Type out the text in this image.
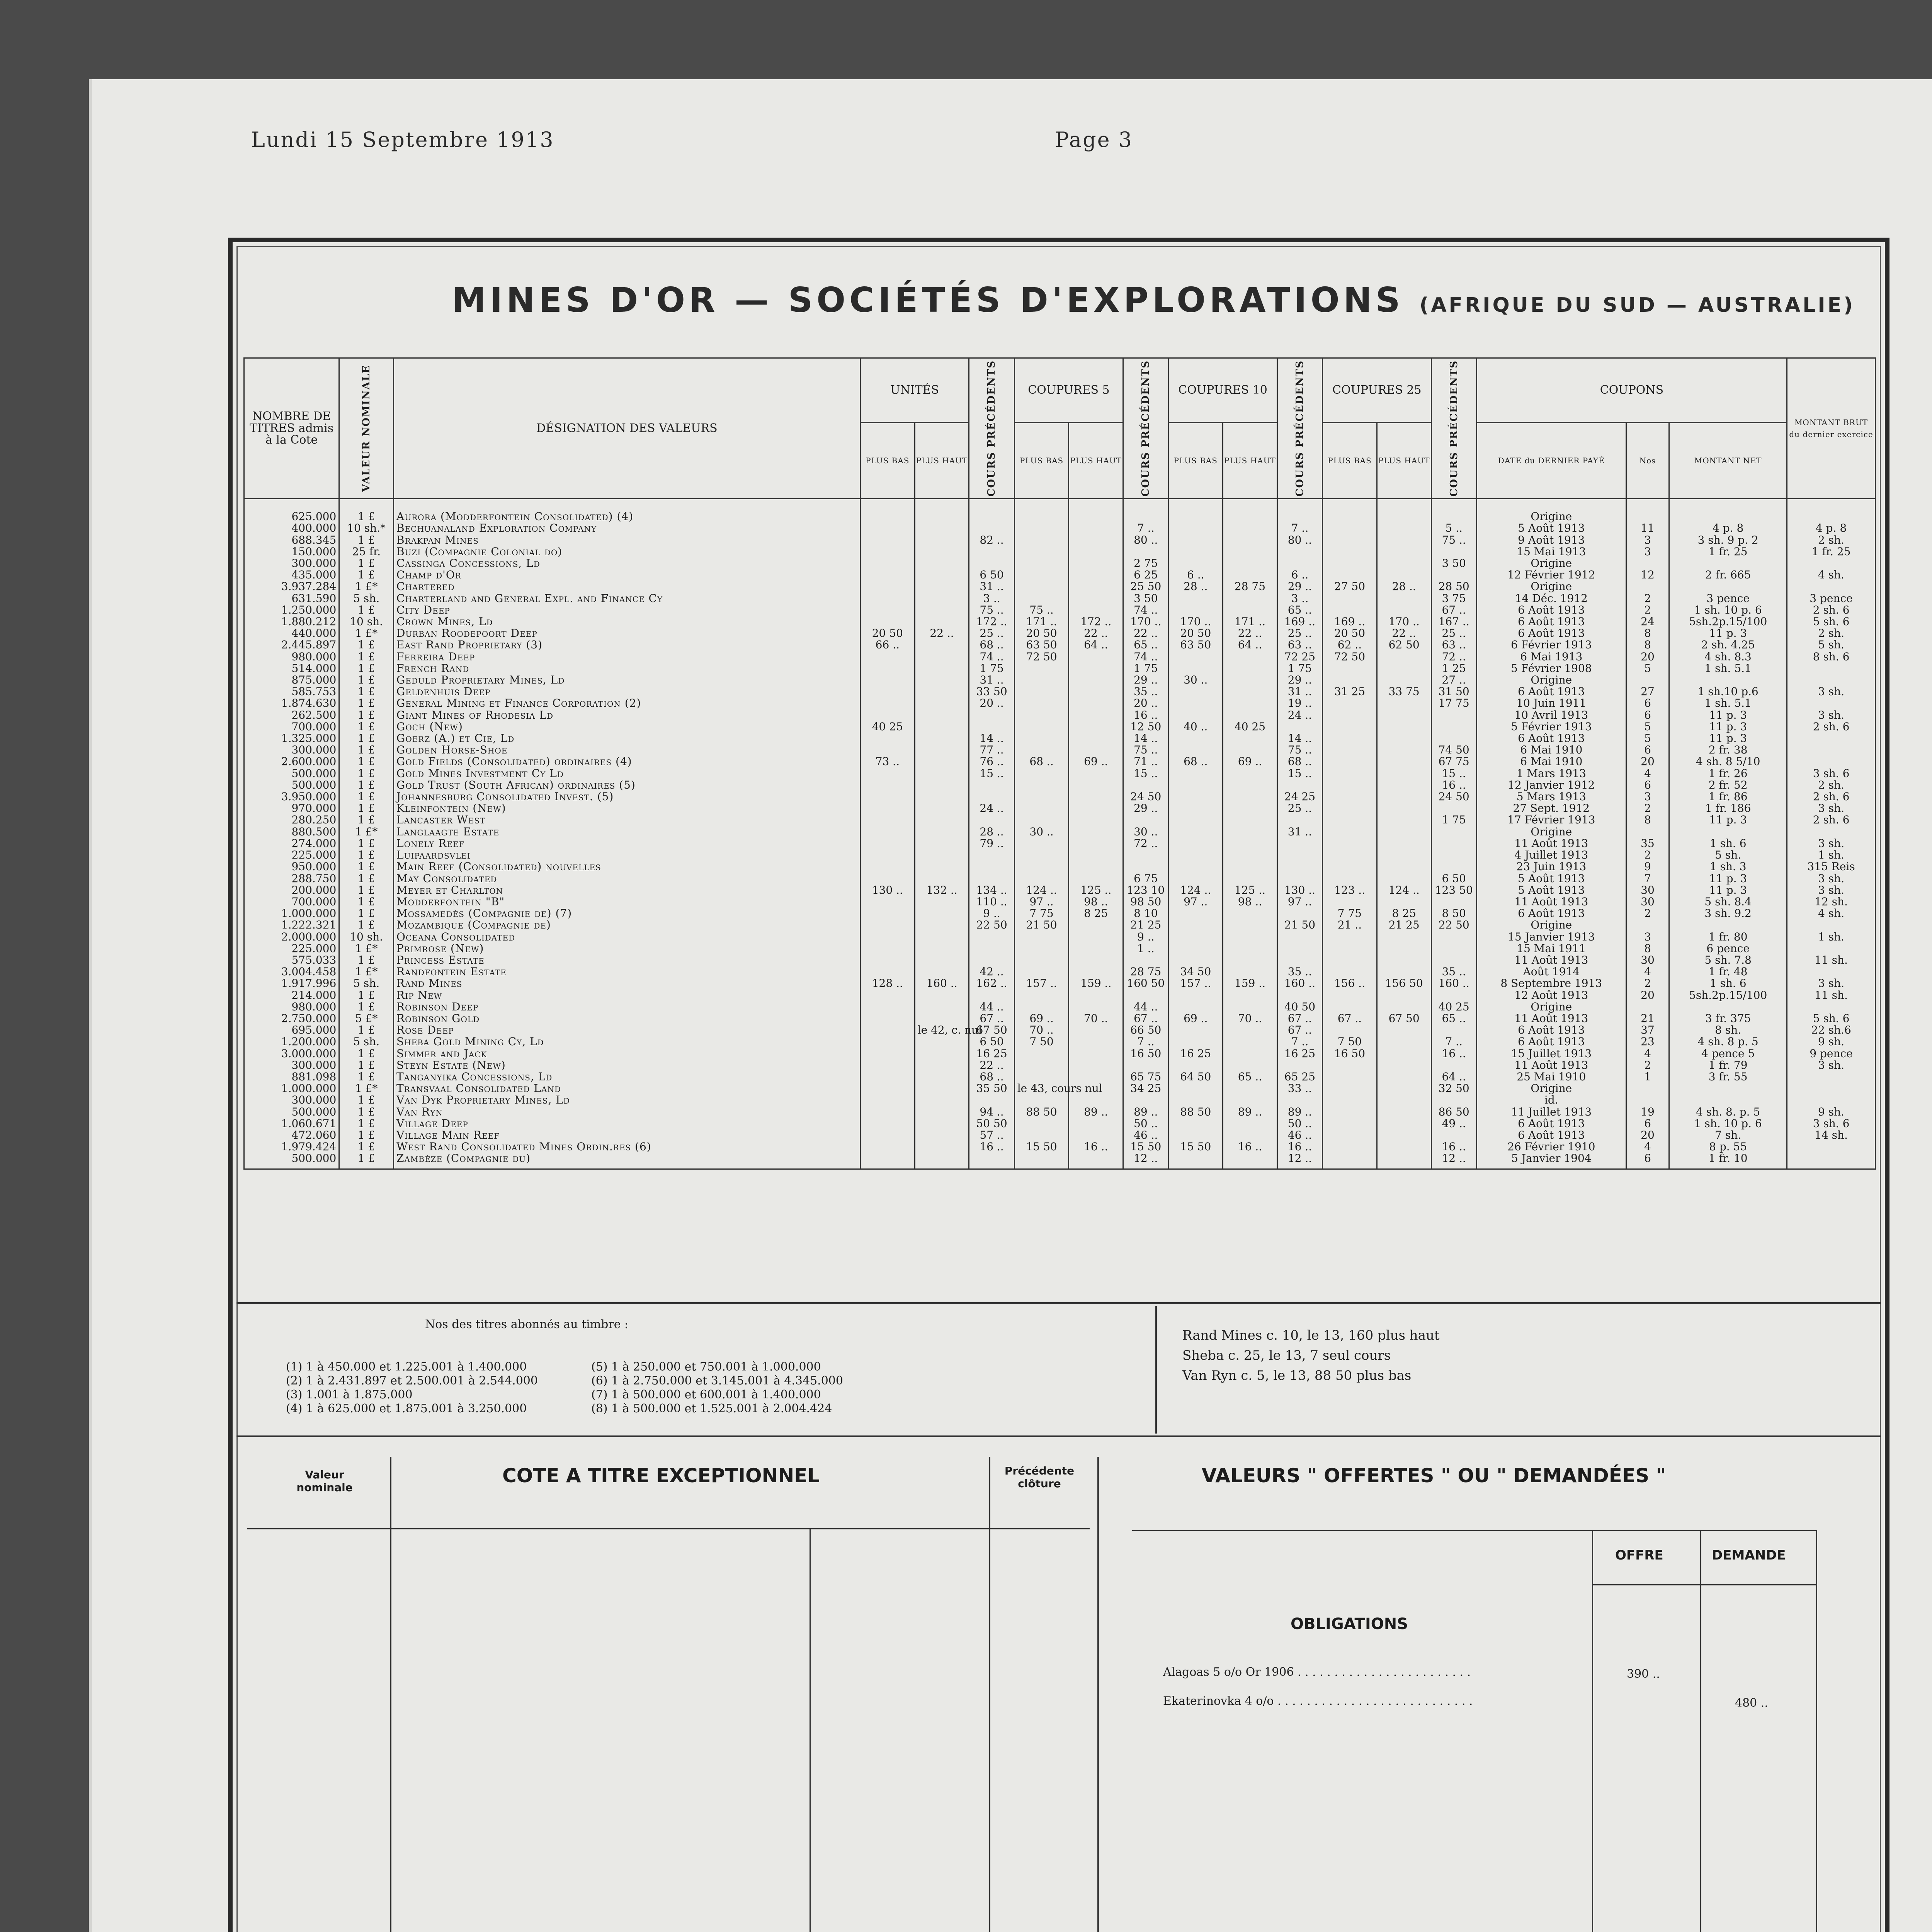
Lundi 15 Septembre 1913	Page 3
MINES D'OR — SOCIÉTÉS D'EXPLORATIONS (AFRIQUE DU SUD — AUSTRALIE)
NOMBRE DE TITRES admis à la Cote	VALEUR NOMINALE	DÉSIGNATION DES VALEURS	UNITÉS		COURS PRÉCÉDENTS	COUPURES 5		COURS PRÉCÉDENTS	COUPURES 10		COURS PRÉCÉDENTS	COUPURES 25		COURS PRÉCÉDENTS	COUPONS			MONTANT BRUT du dernier exercice

			PLUS BAS	PLUS HAUT		PLUS BAS	PLUS HAUT		PLUS BAS	PLUS HAUT		PLUS BAS	PLUS HAUT		DATE du DERNIER PAYÉ	Nos	MONTANT NET	

625.000	1 £	Aurora (Modderfontein Consolidated) (4)													Origine			
400.000	10 sh.*	Bechuanaland Exploration Company						7 ..			7 ..			5 ..	5 Août 1913	11	4 p. 8	4 p. 8
688.345	1 £	Brakpan Mines			82 ..			80 ..			80 ..			75 ..	9 Août 1913	3	3 sh. 9 p. 2	2 sh.
150.000	25 fr.	Buzi (Compagnie Colonial do)													15 Mai 1913	3	1 fr. 25	1 fr. 25
300.000	1 £	Cassinga Concessions, Ld						2 75						3 50	Origine			
435.000	1 £	Champ d'Or			6 50			6 25	6 ..		6 ..				12 Février 1912	12	2 fr. 665	4 sh.
3.937.284	1 £*	Chartered			31 ..			25 50	28 ..	28 75	29 ..	27 50	28 ..	28 50	Origine			
631.590	5 sh.	Charterland and General Expl. and Finance Cy			3 ..			3 50			3 ..			3 75	14 Déc. 1912	2	3 pence	3 pence
1.250.000	1 £	City Deep			75 ..	75 ..		74 ..			65 ..			67 ..	6 Août 1913	2	1 sh. 10 p. 6	2 sh. 6
1.880.212	10 sh.	Crown Mines, Ld			172 ..	171 ..	172 ..	170 ..	170 ..	171 ..	169 ..	169 ..	170 ..	167 ..	6 Août 1913	24	5sh.2p.15/100	5 sh. 6
440.000	1 £*	Durban Roodepoort Deep	20 50	22 ..	25 ..	20 50	22 ..	22 ..	20 50	22 ..	25 ..	20 50	22 ..	25 ..	6 Août 1913	8	11 p. 3	2 sh.
2.445.897	1 £	East Rand Proprietary (3)	66 ..		68 ..	63 50	64 ..	65 ..	63 50	64 ..	63 ..	62 ..	62 50	63 ..	6 Février 1913	8	2 sh. 4.25	5 sh.
980.000	1 £	Ferreira Deep			74 ..	72 50		74 ..			72 25	72 50		72 ..	6 Mai 1913	20	4 sh. 8.3	8 sh. 6
514.000	1 £	French Rand			1 75			1 75			1 75			1 25	5 Février 1908	5	1 sh. 5.1	
875.000	1 £	Geduld Proprietary Mines, Ld			31 ..			29 ..	30 ..		29 ..			27 ..	Origine			
585.753	1 £	Geldenhuis Deep			33 50			35 ..			31 ..	31 25	33 75	31 50	6 Août 1913	27	1 sh.10 p.6	3 sh.
1.874.630	1 £	General Mining et Finance Corporation (2)			20 ..			20 ..			19 ..			17 75	10 Juin 1911	6	1 sh. 5.1	
262.500	1 £	Giant Mines of Rhodesia Ld						16 ..			24 ..				10 Avril 1913	6	11 p. 3	3 sh.
700.000	1 £	Goch (New)	40 25					12 50	40 ..	40 25					5 Février 1913	5	11 p. 3	2 sh. 6
1.325.000	1 £	Goerz (A.) et Cie, Ld			14 ..			14 ..			14 ..				6 Août 1913	5	11 p. 3	
300.000	1 £	Golden Horse-Shoe			77 ..			75 ..			75 ..			74 50	6 Mai 1910	6	2 fr. 38	
2.600.000	1 £	Gold Fields (Consolidated) ordinaires (4)	73 ..		76 ..	68 ..	69 ..	71 ..	68 ..	69 ..	68 ..			67 75	6 Mai 1910	20	4 sh. 8 5/10	
500.000	1 £	Gold Mines Investment Cy Ld			15 ..			15 ..			15 ..			15 ..	1 Mars 1913	4	1 fr. 26	3 sh. 6
500.000	1 £	Gold Trust (South African) ordinaires (5)												16 ..	12 Janvier 1912	6	2 fr. 52	2 sh.
3.950.000	1 £	Johannesburg Consolidated Invest. (5)						24 50			24 25			24 50	5 Mars 1913	3	1 fr. 86	2 sh. 6
970.000	1 £	Kleinfontein (New)			24 ..			29 ..			25 ..				27 Sept. 1912	2	1 fr. 186	3 sh.
280.250	1 £	Lancaster West												1 75	17 Février 1913	8	11 p. 3	2 sh. 6
880.500	1 £*	Langlaagte Estate			28 ..	30 ..		30 ..			31 ..				Origine			
274.000	1 £	Lonely Reef			79 ..			72 ..							11 Août 1913	35	1 sh. 6	3 sh.
225.000	1 £	Luipaardsvlei													4 Juillet 1913	2	5 sh.	1 sh.
950.000	1 £	Main Reef (Consolidated) nouvelles													23 Juin 1913	9	1 sh. 3	315 Reis
288.750	1 £	May Consolidated						6 75						6 50	5 Août 1913	7	11 p. 3	3 sh.
200.000	1 £	Meyer et Charlton	130 ..	132 ..	134 ..	124 ..	125 ..	123 10	124 ..	125 ..	130 ..	123 ..	124 ..	123 50	5 Août 1913	30	11 p. 3	3 sh.
700.000	1 £	Modderfontein "B"			110 ..	97 ..	98 ..	98 50	97 ..	98 ..	97 ..				11 Août 1913	30	5 sh. 8.4	12 sh.
1.000.000	1 £	Mossamedès (Compagnie de) (7)			9 ..	7 75	8 25	8 10				7 75	8 25	8 50	6 Août 1913	2	3 sh. 9.2	4 sh.
1.222.321	1 £	Mozambique (Compagnie de)			22 50	21 50		21 25			21 50	21 ..	21 25	22 50	Origine			
2.000.000	10 sh.	Oceana Consolidated						9 ..							15 Janvier 1913	3	1 fr. 80	1 sh.
225.000	1 £*	Primrose (New)						1 ..							15 Mai 1911	8	6 pence	
575.033	1 £	Princess Estate													11 Août 1913	30	5 sh. 7.8	11 sh.
3.004.458	1 £*	Randfontein Estate			42 ..			28 75	34 50		35 ..			35 ..	Août 1914	4	1 fr. 48	
1.917.996	5 sh.	Rand Mines	128 ..	160 ..	162 ..	157 ..	159 ..	160 50	157 ..	159 ..	160 ..	156 ..	156 50	160 ..	8 Septembre 1913	2	1 sh. 6	3 sh.
214.000	1 £	Rip New													12 Août 1913	20	5sh.2p.15/100	11 sh.
980.000	1 £	Robinson Deep			44 ..			44 ..			40 50			40 25	Origine			
2.750.000	5 £*	Robinson Gold			67 ..	69 ..	70 ..	67 ..	69 ..	70 ..	67 ..	67 ..	67 50	65 ..	11 Août 1913	21	3 fr. 375	5 sh. 6
695.000	1 £	Rose Deep		le 42, c. nul	67 50	70 ..		66 50			67 ..				6 Août 1913	37	8 sh.	22 sh.6
1.200.000	5 sh.	Sheba Gold Mining Cy, Ld			6 50	7 50		7 ..			7 ..	7 50		7 ..	6 Août 1913	23	4 sh. 8 p. 5	9 sh.
3.000.000	1 £	Simmer and Jack			16 25			16 50	16 25		16 25	16 50		16 ..	15 Juillet 1913	4	4 pence 5	9 pence
300.000	1 £	Steyn Estate (New)			22 ..										11 Août 1913	2	1 fr. 79	3 sh.
881.098	1 £	Tanganyika Concessions, Ld			68 ..			65 75	64 50	65 ..	65 25			64 ..	25 Mai 1910	1	3 fr. 55	
1.000.000	1 £*	Transvaal Consolidated Land			35 50	le 43, cours nul		34 25			33 ..			32 50	Origine			
300.000	1 £	Van Dyk Proprietary Mines, Ld													id.			
500.000	1 £	Van Ryn			94 ..	88 50	89 ..	89 ..	88 50	89 ..	89 ..			86 50	11 Juillet 1913	19	4 sh. 8. p. 5	9 sh.
1.060.671	1 £	Village Deep			50 50			50 ..			50 ..			49 ..	6 Août 1913	6	1 sh. 10 p. 6	3 sh. 6
472.060	1 £	Village Main Reef			57 ..			46 ..			46 ..				6 Août 1913	20	7 sh.	14 sh.
1.979.424	1 £	West Rand Consolidated Mines Ordin.res (6)			16 ..	15 50	16 ..	15 50	15 50	16 ..	16 ..			16 ..	26 Février 1910	4	8 p. 55	
500.000	1 £	Zambèze (Compagnie du)						12 ..			12 ..			12 ..	5 Janvier 1904	6	1 fr. 10	
Nos des titres abonnés au timbre :
(1) 1 à 450.000 et 1.225.001 à 1.400.000
(2) 1 à 2.431.897 et 2.500.001 à 2.544.000
(3) 1.001 à 1.875.000
(4) 1 à 625.000 et 1.875.001 à 3.250.000
(5) 1 à 250.000 et 750.001 à 1.000.000
(6) 1 à 2.750.000 et 3.145.001 à 4.345.000
(7) 1 à 500.000 et 600.001 à 1.400.000
(8) 1 à 500.000 et 1.525.001 à 2.004.424
Rand Mines c. 10, le 13, 160 plus haut
Sheba c. 25, le 13, 7 seul cours
Van Ryn c. 5, le 13, 88 50 plus bas
Valeur nominale
COTE A TITRE EXCEPTIONNEL	Précédente clôture	VALEURS " OFFERTES " OU " DEMANDÉES "
OFFRE	DEMANDE
OBLIGATIONS
Alagoas 5 o/o Or 1906 . . . . . . . . . . . . . . . . . . . . . . . .	390 ..
Ekaterinovka 4 o/o . . . . . . . . . . . . . . . . . . . . . . . . . . .	480 ..
